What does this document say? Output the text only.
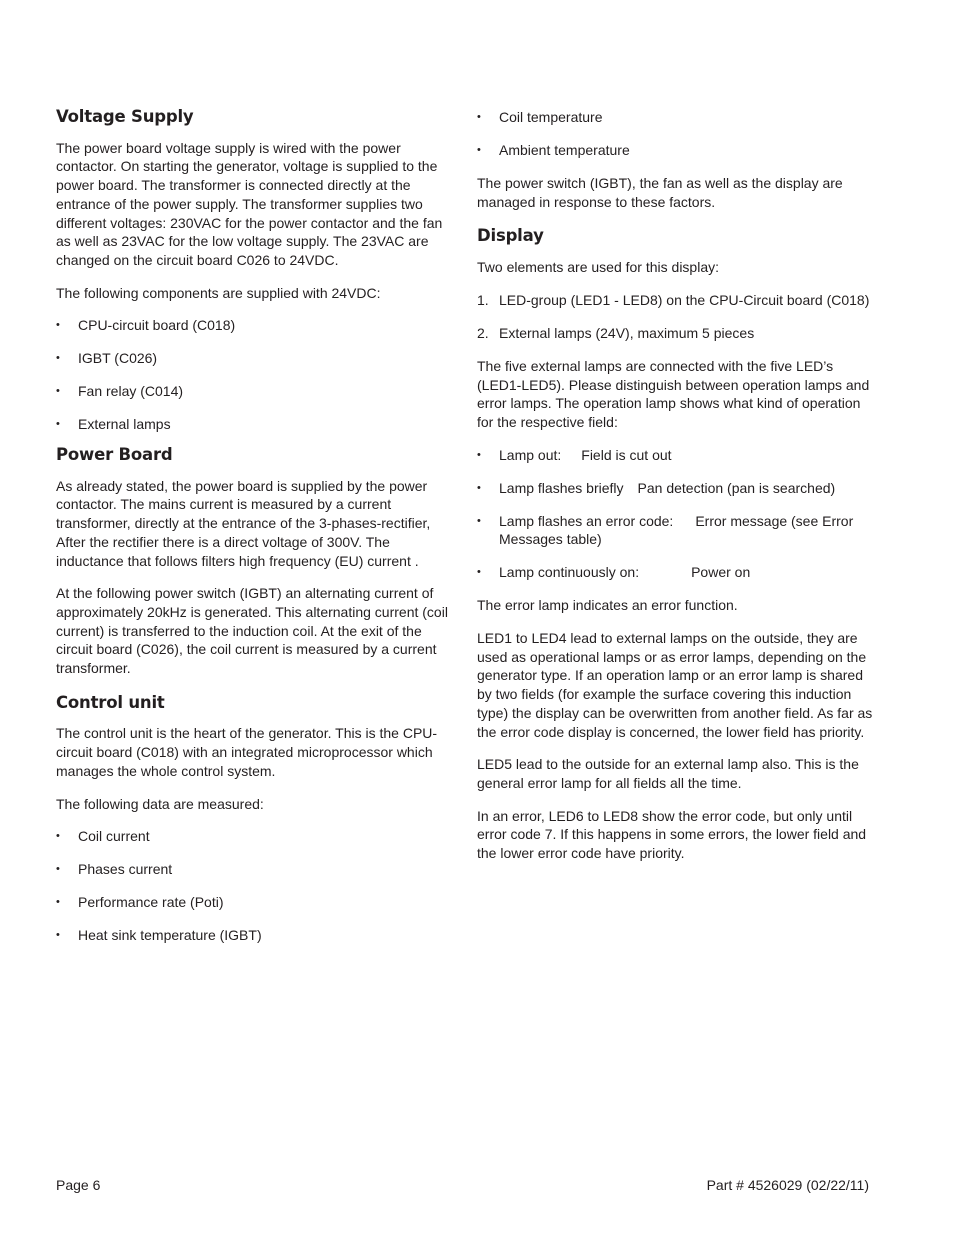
Voltage Supply

The power board voltage supply is wired with the power contactor. On starting the generator, voltage is supplied to the power board. The transformer is connected directly at the entrance of the power supply. The transformer supplies two different voltages: 230VAC for the power contactor and the fan as well as 23VAC for the low voltage supply. The 23VAC are changed on the circuit board C026 to 24VDC.

The following components are supplied with 24VDC:

• CPU-circuit board (C018)
• IGBT (C026)
• Fan relay (C014)
• External lamps
Power Board

As already stated, the power board is supplied by the power contactor. The mains current is measured by a current transformer, directly at the entrance of the 3-phases-rectifier, After the rectifier there is a direct voltage of 300V. The inductance that follows filters high frequency (EU) current .

At the following power switch (IGBT) an alternating current of approximately 20kHz is generated. This alternating current (coil current) is transferred to the induction coil. At the exit of the circuit board (C026), the coil current is measured by a current transformer.

Control unit

The control unit is the heart of the generator. This is the CPU-circuit board (C018) with an integrated microprocessor which manages the whole control system.

The following data are measured:

• Coil current
• Phases current
• Performance rate (Poti)
• Heat sink temperature (IGBT)
• Coil temperature
• Ambient temperature

The power switch (IGBT), the fan as well as the display are managed in response to these factors.

Display

Two elements are used for this display:

1. LED-group (LED1 - LED8) on the CPU-Circuit board (C018)
2. External lamps (24V), maximum 5 pieces

The five external lamps are connected with the five LED’s (LED1-LED5). Please distinguish between operation lamps and error lamps. The operation lamp shows what kind of operation for the respective field:

• Lamp out: Field is cut out
• Lamp flashes briefly Pan detection (pan is searched)
• Lamp flashes an error code: Error message (see Error Messages table)
• Lamp continuously on:	Power on

The error lamp indicates an error function.

LED1 to LED4 lead to external lamps on the outside, they are used as operational lamps or as error lamps, depending on the generator type. If an operation lamp or an error lamp is shared by two fields (for example the surface covering this induction type) the display can be overwritten from another field. As far as the error code display is concerned, the lower field has priority.

LED5 lead to the outside for an external lamp also. This is the general error lamp for all fields all the time.

In an error, LED6 to LED8 show the error code, but only until error code 7. If this happens in some errors, the lower field and the lower error code have priority.

Page 6	Part # 4526029 (02/22/11)
